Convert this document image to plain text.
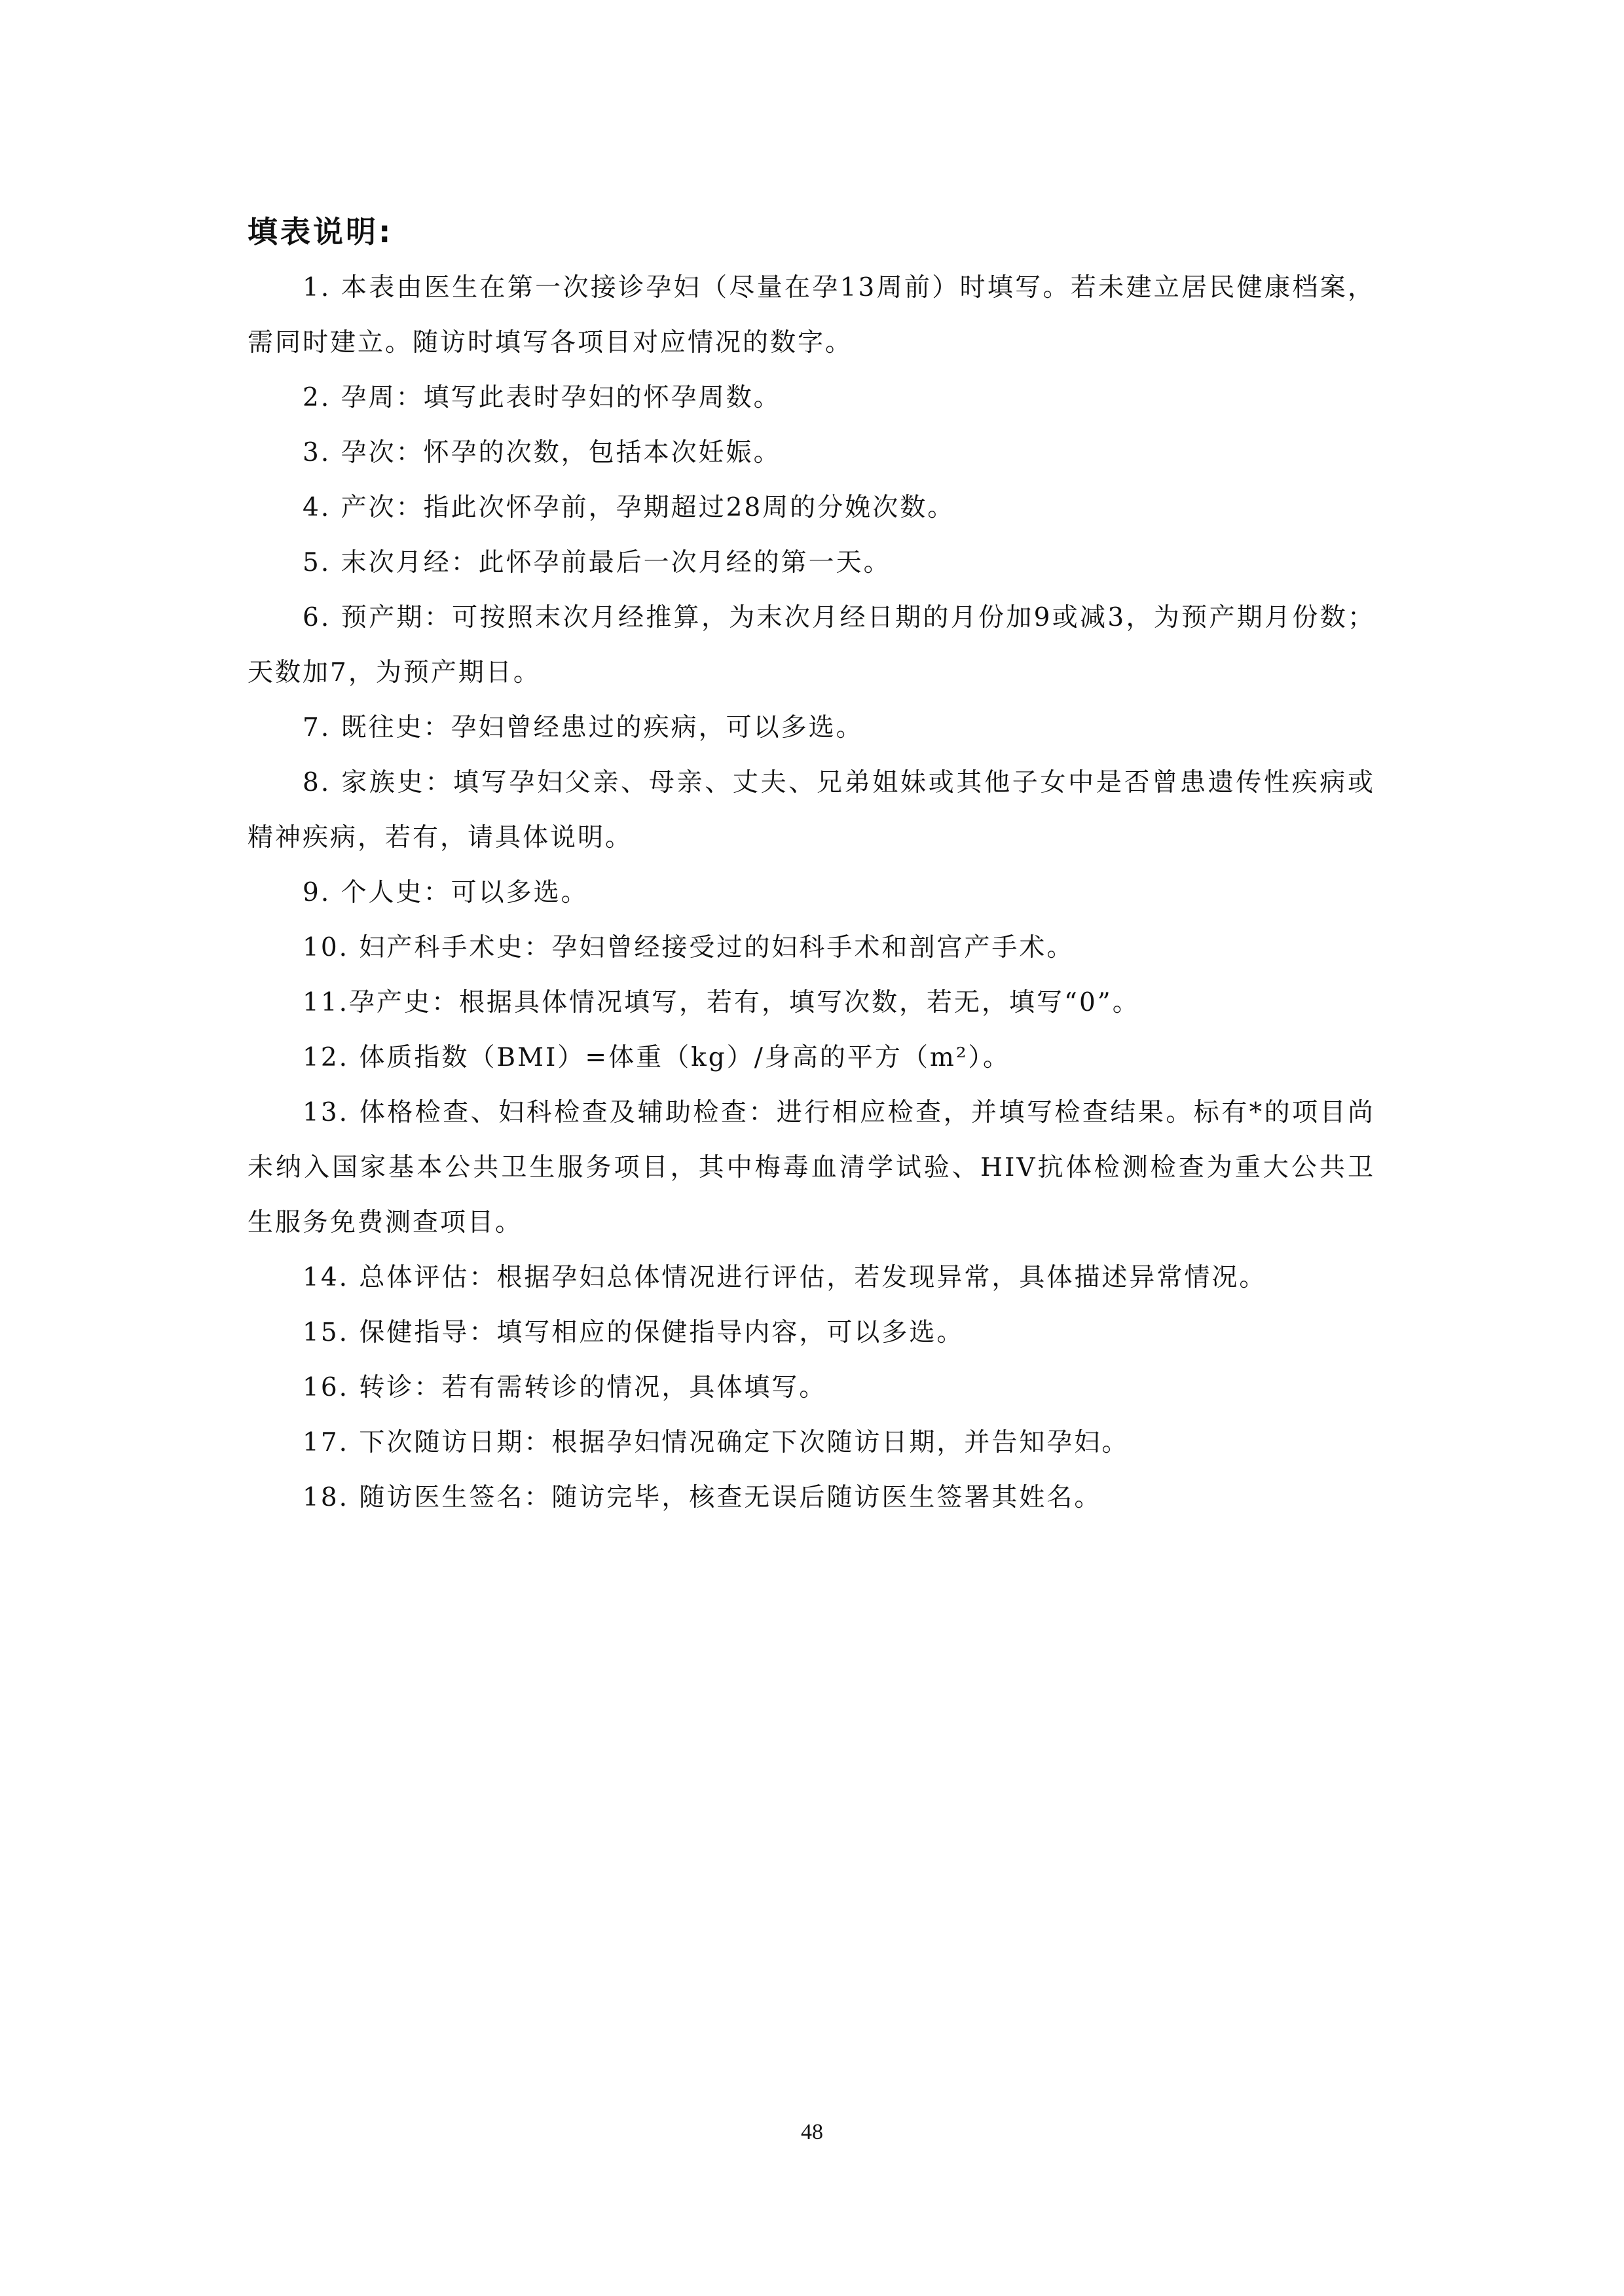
填表说明:

1. 本表由医生在第一次接诊孕妇（尽量在孕13周前）时填写。若未建立居民健康档案，需同时建立。随访时填写各项目对应情况的数字。

2. 孕周：填写此表时孕妇的怀孕周数。

3. 孕次：怀孕的次数，包括本次妊娠。

4. 产次：指此次怀孕前，孕期超过28周的分娩次数。

5. 末次月经：此怀孕前最后一次月经的第一天。

6. 预产期：可按照末次月经推算，为末次月经日期的月份加9或减3，为预产期月份数；天数加7，为预产期日。

7. 既往史：孕妇曾经患过的疾病，可以多选。

8. 家族史：填写孕妇父亲、母亲、丈夫、兄弟姐妹或其他子女中是否曾患遗传性疾病或精神疾病，若有，请具体说明。

9. 个人史：可以多选。

10. 妇产科手术史：孕妇曾经接受过的妇科手术和剖宫产手术。

11.孕产史：根据具体情况填写，若有，填写次数，若无，填写“0”。

12. 体质指数（BMI）=体重（kg）/身高的平方（m²）。

13. 体格检查、妇科检查及辅助检查：进行相应检查，并填写检查结果。标有*的项目尚未纳入国家基本公共卫生服务项目，其中梅毒血清学试验、HIV抗体检测检查为重大公共卫生服务免费测查项目。

14. 总体评估：根据孕妇总体情况进行评估，若发现异常，具体描述异常情况。

15. 保健指导：填写相应的保健指导内容，可以多选。

16. 转诊：若有需转诊的情况，具体填写。

17. 下次随访日期：根据孕妇情况确定下次随访日期，并告知孕妇。

18. 随访医生签名：随访完毕，核查无误后随访医生签署其姓名。

48
